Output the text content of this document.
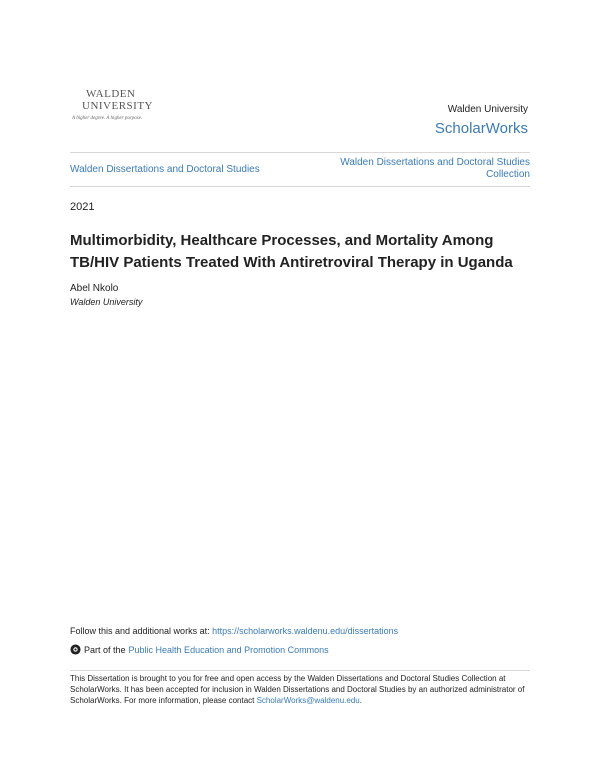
WALDEN
UNIVERSITY
A higher degree. A higher purpose.
Walden University
ScholarWorks
Walden Dissertations and Doctoral Studies
Walden Dissertations and Doctoral Studies Collection
2021
Multimorbidity, Healthcare Processes, and Mortality Among TB/HIV Patients Treated With Antiretroviral Therapy in Uganda
Abel Nkolo
Walden University
Follow this and additional works at: https://scholarworks.waldenu.edu/dissertations
Part of the Public Health Education and Promotion Commons
This Dissertation is brought to you for free and open access by the Walden Dissertations and Doctoral Studies Collection at ScholarWorks. It has been accepted for inclusion in Walden Dissertations and Doctoral Studies by an authorized administrator of ScholarWorks. For more information, please contact ScholarWorks@waldenu.edu.
